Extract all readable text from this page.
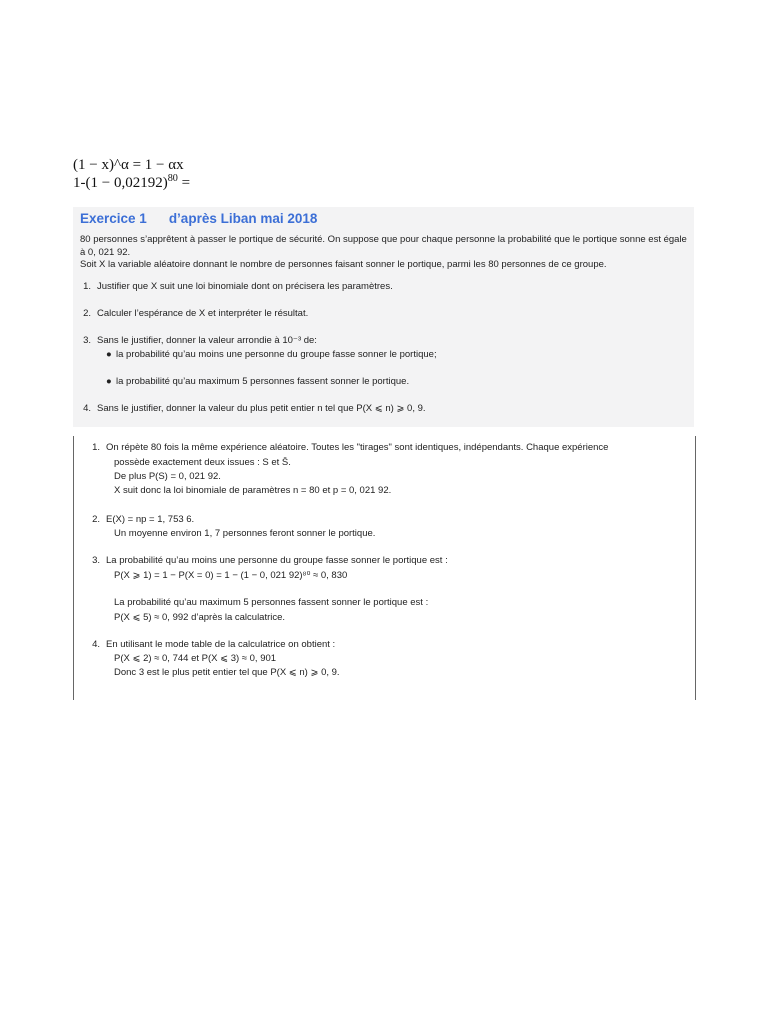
(1 − x)^α = 1 − αx
$1-(1 - 0,02192)^{80}$ =
Exercice 1 d’après Liban mai 2018
80 personnes s’apprêtent à passer le portique de sécurité. On suppose que pour chaque personne la probabilité que le portique sonne est égale à 0, 021 92.
Soit X la variable aléatoire donnant le nombre de personnes faisant sonner le portique, parmi les 80 personnes de ce groupe.
1. Justifier que X suit une loi binomiale dont on précisera les paramètres.
2. Calculer l’espérance de X et interpréter le résultat.
3. Sans le justifier, donner la valeur arrondie à 10⁻³ de:
● la probabilité qu’au moins une personne du groupe fasse sonner le portique;
● la probabilité qu’au maximum 5 personnes fassent sonner le portique.
4. Sans le justifier, donner la valeur du plus petit entier n tel que P(X ⩽ n) ⩾ 0, 9.
1. On répète 80 fois la même expérience aléatoire. Toutes les "tirages" sont identiques, indépendants. Chaque expérience
possède exactement deux issues : S et S̄.
De plus P(S) = 0, 021 92.
X suit donc la loi binomiale de paramètres n = 80 et p = 0, 021 92.
2. E(X) = np = 1, 753 6.
Un moyenne environ 1, 7 personnes feront sonner le portique.
3. La probabilité qu’au moins une personne du groupe fasse sonner le portique est :
P(X ⩾ 1) = 1 − P(X = 0) = 1 − (1 − 0, 021 92)⁸⁰ ≈ 0, 830
La probabilité qu’au maximum 5 personnes fassent sonner le portique est :
P(X ⩽ 5) ≈ 0, 992 d’après la calculatrice.
4. En utilisant le mode table de la calculatrice on obtient :
P(X ⩽ 2) ≈ 0, 744 et P(X ⩽ 3) ≈ 0, 901
Donc 3 est le plus petit entier tel que P(X ⩽ n) ⩾ 0, 9.
